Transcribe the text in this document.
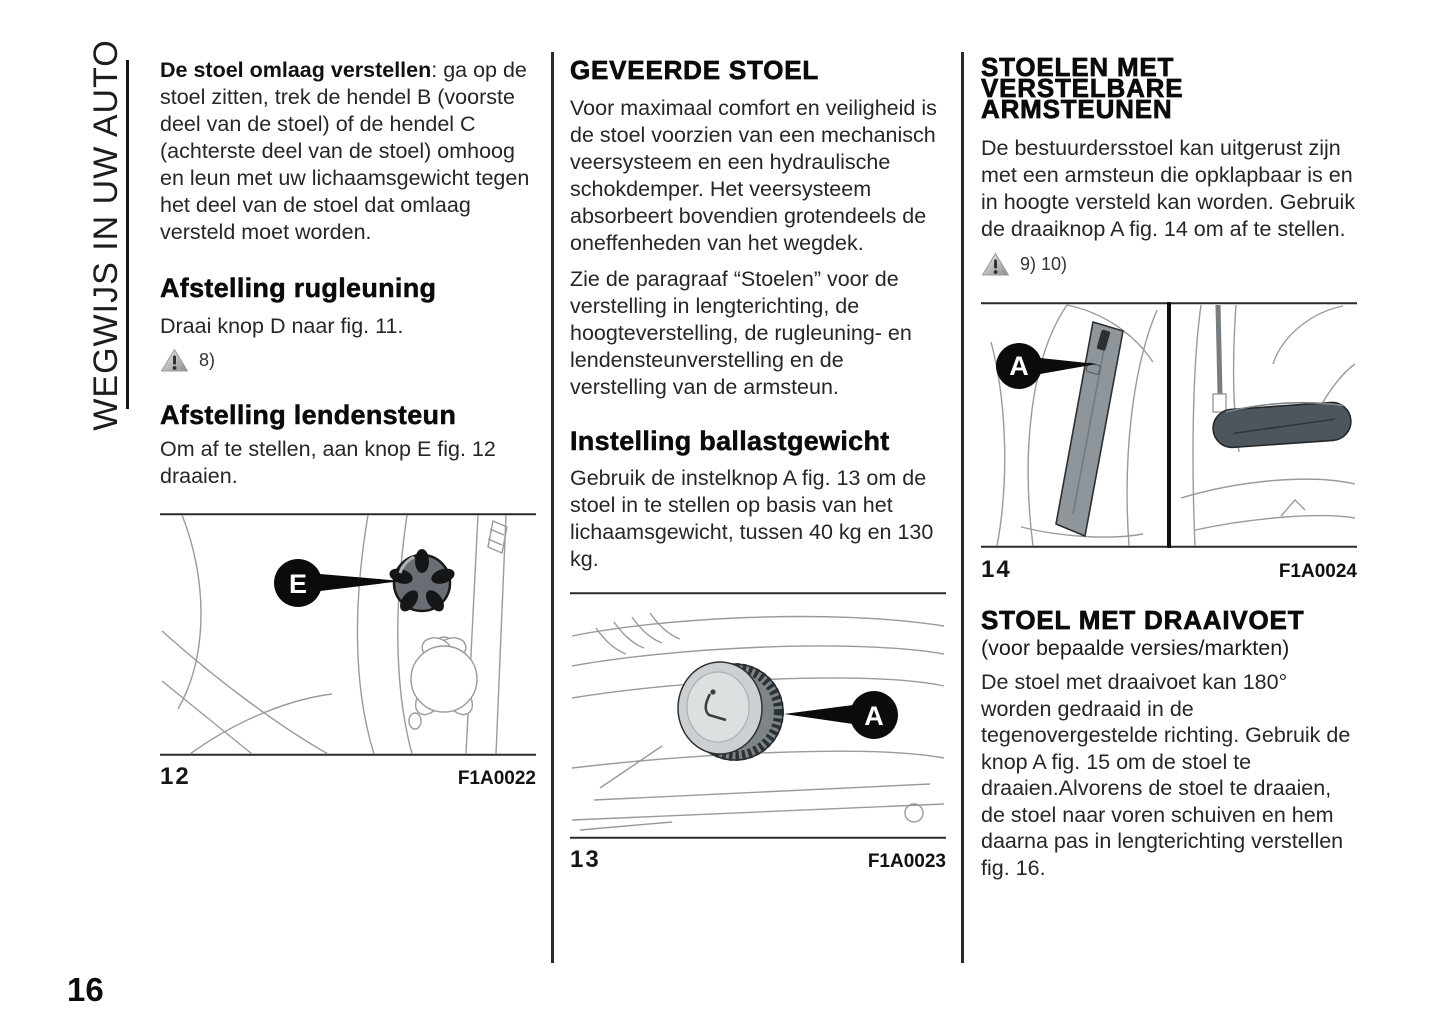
WEGWIJS IN UW AUTO De stoel omlaag verstellen: ga op de stoel zitten, trek de hendel B (voorste deel van de stoel) of de hendel C (achterste deel van de stoel) omhoog en leun met uw lichaamsgewicht tegen het deel van de stoel dat omlaag versteld moet worden.

Afstelling rugleuning

Draai knop D naar fig. 11.

8)
Afstelling lendensteun

Om af te stellen, aan knop E fig. 12 draaien.

E
12	F1A0022
GEVEERDE STOEL

Voor maximaal comfort en veiligheid is de stoel voorzien van een mechanisch veersysteem en een hydraulische schokdemper. Het veersysteem absorbeert bovendien grotendeels de oneffenheden van het wegdek.

Zie de paragraaf “Stoelen” voor de verstelling in lengterichting, de hoogteverstelling, de rugleuning- en lendensteunverstelling en de verstelling van de armsteun.

Instelling ballastgewicht

Gebruik de instelknop A fig. 13 om de stoel in te stellen op basis van het lichaamsgewicht, tussen 40 kg en 130 kg.

A
13	F1A0023
STOELEN MET VERSTELBARE ARMSTEUNEN

De bestuurdersstoel kan uitgerust zijn met een armsteun die opklapbaar is en in hoogte versteld kan worden. Gebruik de draaiknop A fig. 14 om af te stellen.

9) 10)
A
14	F1A0024
STOEL MET DRAAIVOET

(voor bepaalde versies/markten)

De stoel met draaivoet kan 180° worden gedraaid in de tegenovergestelde richting. Gebruik de knop A fig. 15 om de stoel te draaien.Alvorens de stoel te draaien, de stoel naar voren schuiven en hem daarna pas in lengterichting verstellen fig. 16.

16
